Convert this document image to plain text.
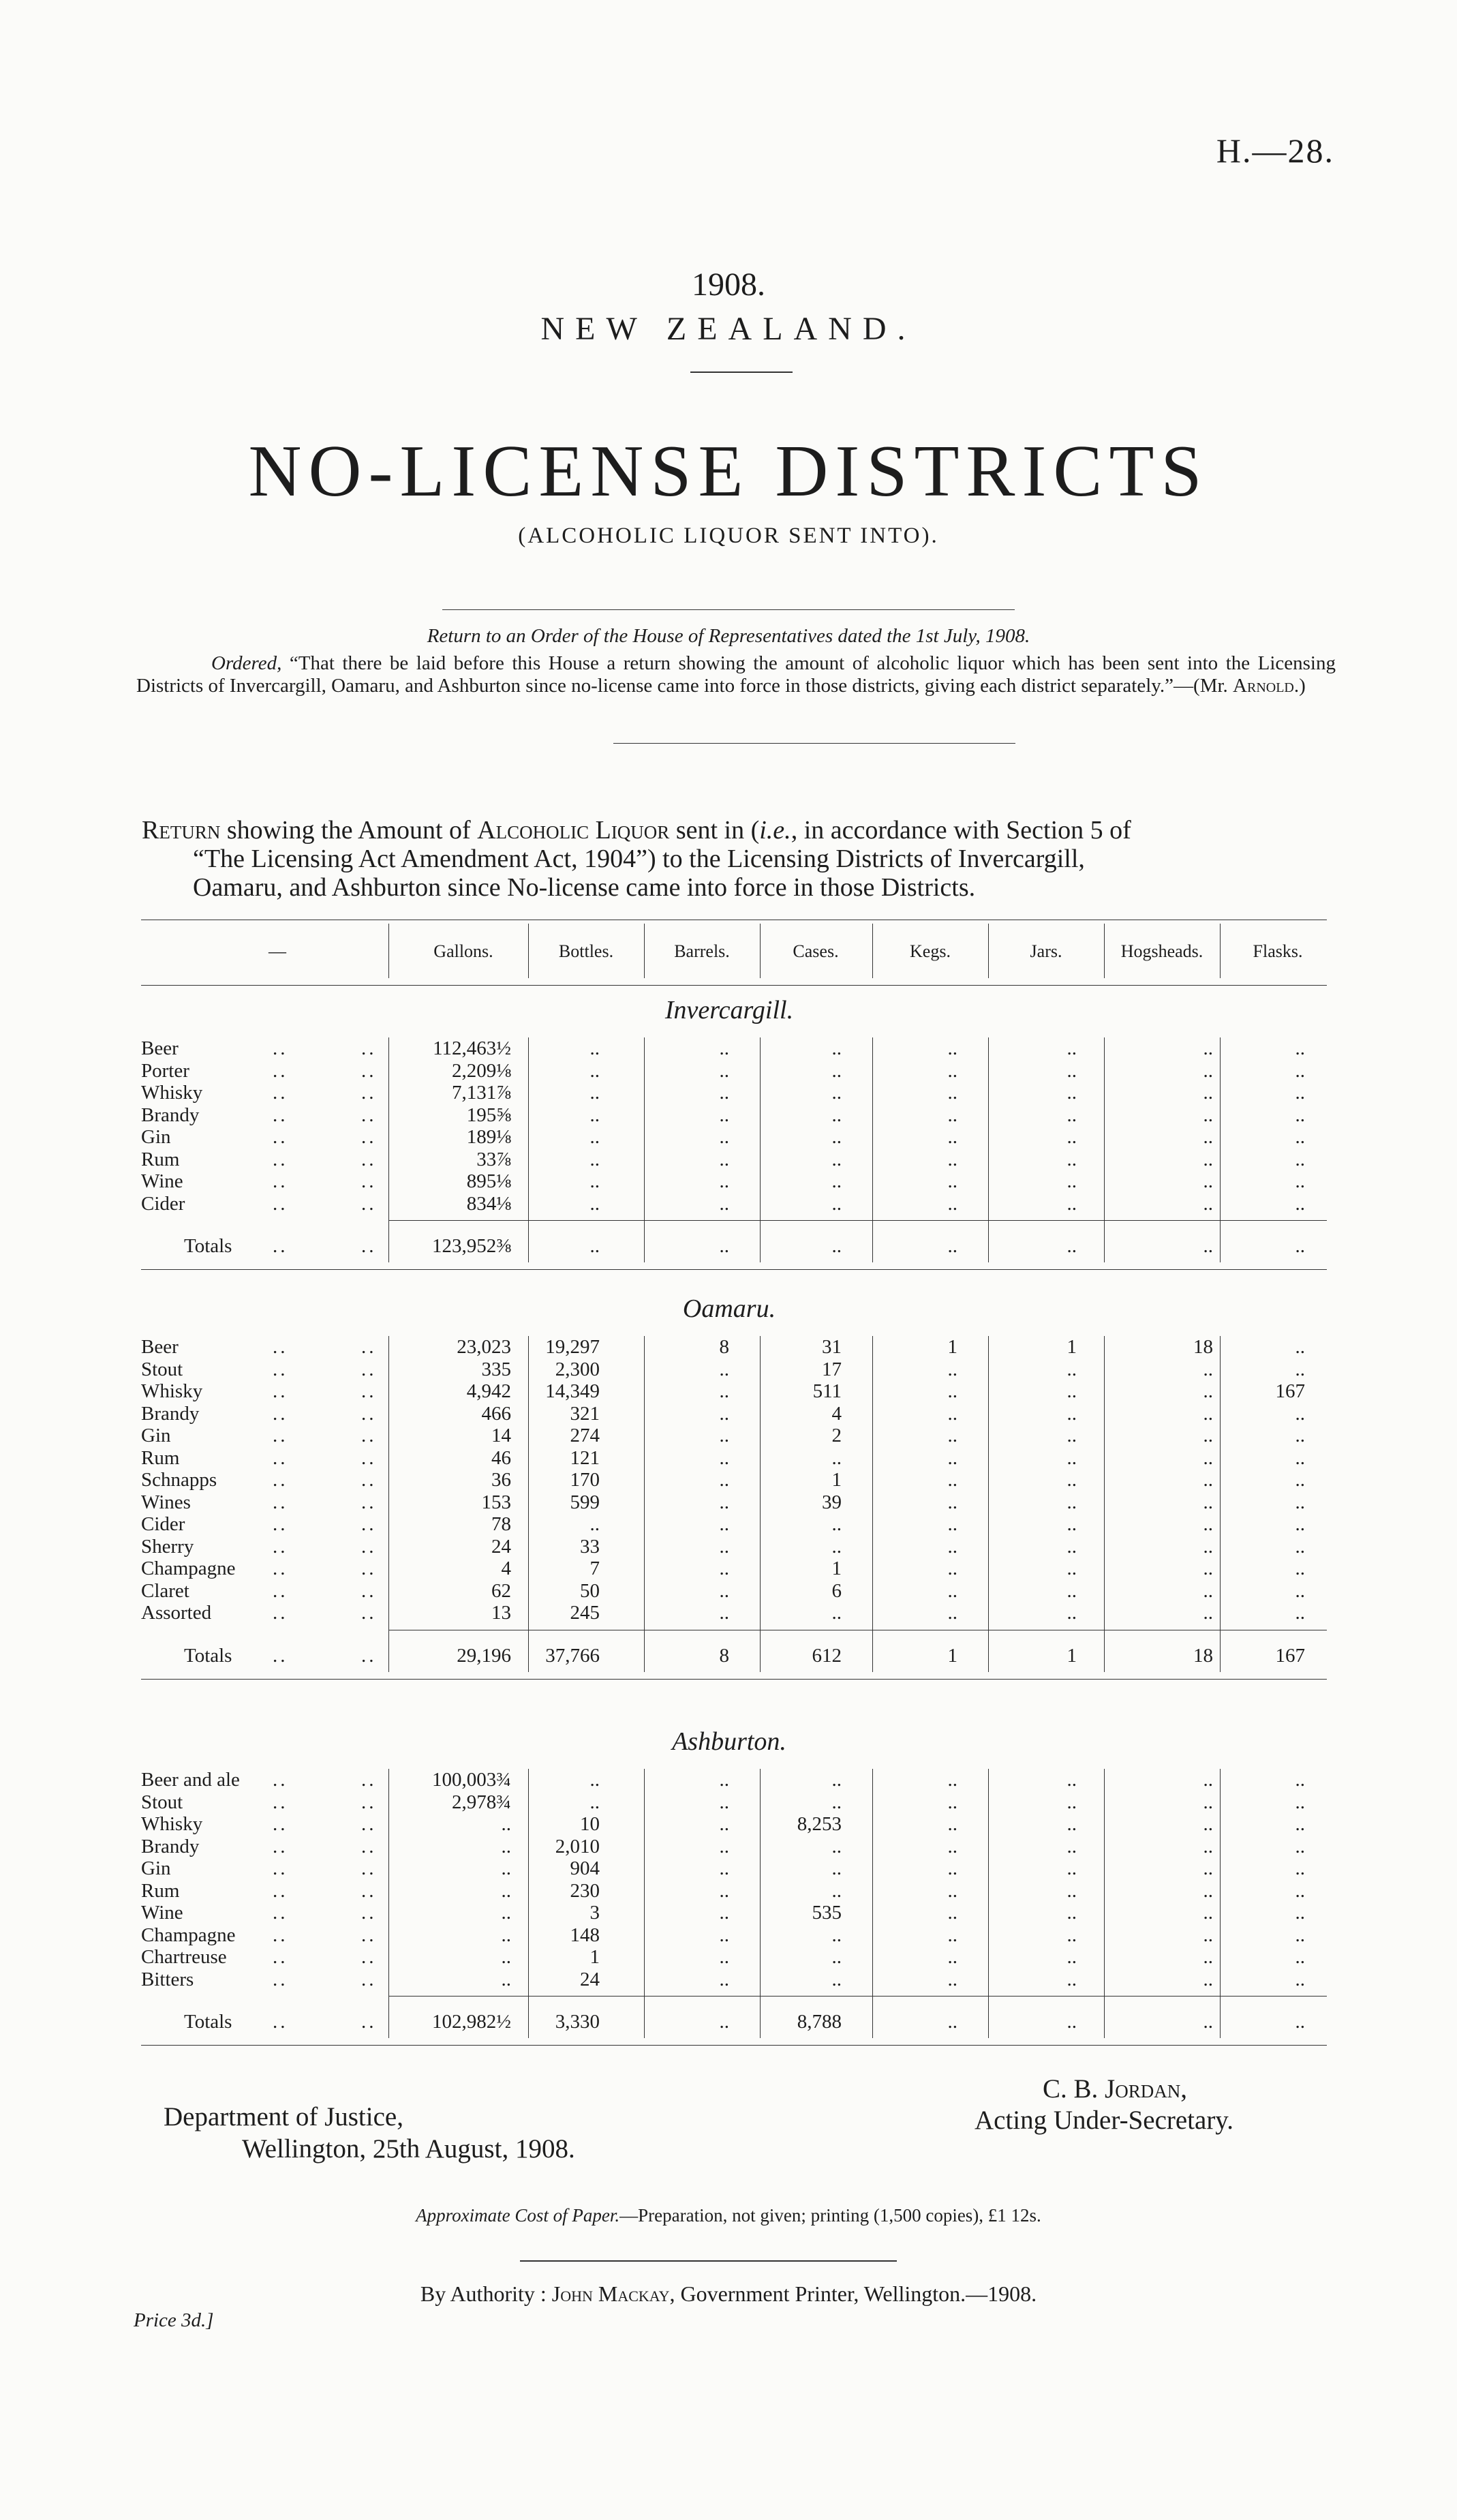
H.—28.
1908.
NEW ZEALAND.
NO-LICENSE DISTRICTS
(ALCOHOLIC LIQUOR SENT INTO).
Return to an Order of the House of Representatives dated the 1st July, 1908.

Ordered, “That there be laid before this House a return showing the amount of alcoholic liquor which has been sent into the Licensing Districts of Invercargill, Oamaru, and Ashburton since no-license came into force in those districts, giving each district separately.”—(Mr. Arnold.)

Return showing the Amount of Alcoholic Liquor sent in (i.e., in accordance with Section 5 of
“The Licensing Act Amendment Act, 1904”) to the Licensing Districts of Invercargill,
Oamaru, and Ashburton since No-license came into force in those Districts.

—	Gallons.	Bottles.	Barrels.	Cases.	Kegs.	Jars.	Hogsheads.	Flasks.
Invercargill.
Beer	..	..	112,463½	..	..	..	..	..	..	..
Porter	..	..	2,209⅛	..	..	..	..	..	..	..
Whisky	..	..	7,131⅞	..	..	..	..	..	..	..
Brandy	..	..	195⅝	..	..	..	..	..	..	..
Gin	..	..	189⅛	..	..	..	..	..	..	..
Rum	..	..	33⅞	..	..	..	..	..	..	..
Wine	..	..	895⅛	..	..	..	..	..	..	..
Cider	..	..	834⅛	..	..	..	..	..	..	..
Totals ..	..	123,952⅜	..	..	..	..	..	..	..
Oamaru.
Beer	..	..	23,023	19,297	8	31	1	1	18	..
Stout	..	..	335	2,300	..	17	..	..	..	..
Whisky	..	..	4,942	14,349	..	511	..	..	..	167
Brandy	..	..	466	321	..	4	..	..	..	..
Gin	..	..	14	274	..	2	..	..	..	..
Rum	..	..	46	121	..	..	..	..	..	..
Schnapps	..	..	36	170	..	1	..	..	..	..
Wines	..	..	153	599	..	39	..	..	..	..
Cider	..	..	78	..	..	..	..	..	..	..
Sherry	..	..	24	33	..	..	..	..	..	..
Champagne ..	..	4	7	..	1	..	..	..	..
Claret	..	..	62	50	..	6	..	..	..	..
Assorted	..	..	13	245	..	..	..	..	..	..
Totals ..	..	29,196	37,766	8	612	1	1	18	167
Ashburton.
Beer and ale ..	..	100,003¾	..	..	..	..	..	..	..
Stout	..	..	2,978¾	..	..	..	..	..	..	..
Whisky	..	..	..	10	..	8,253	..	..	..	..
Brandy	..	..	..	2,010	..	..	..	..	..	..
Gin	..	..	..	904	..	..	..	..	..	..
Rum	..	..	..	230	..	..	..	..	..	..
Wine	..	..	..	3	..	535	..	..	..	..
Champagne ..	..	..	148	..	..	..	..	..	..
Chartreuse ..	..	..	1	..	..	..	..	..	..
Bitters	..	..	..	24	..	..	..	..	..	..
Totals ..	..	102,982½	3,330	..	8,788	..	..	..	..
C. B. Jordan,
Acting Under-Secretary.
Department of Justice,
Wellington, 25th August, 1908.
Approximate Cost of Paper.—Preparation, not given; printing (1,500 copies), £1 12s.
By Authority : John Mackay, Government Printer, Wellington.—1908.
Price 3d.]
